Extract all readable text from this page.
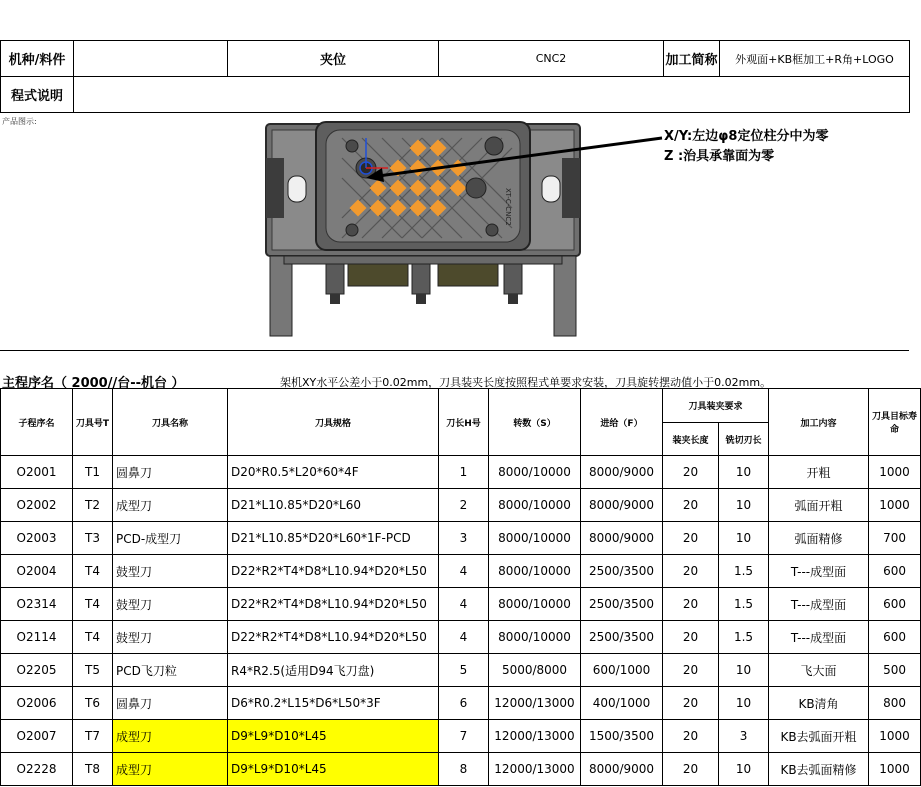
机种/料件		夹位	CNC2	加工简称	外观面+KB框加工+R角+LOGO
程式说明					
产品图示:
XT-C-CNC2
X/Y:左边φ8定位柱分中为零
Z :治具承靠面为零
主程序名（ 2000//台--机台 ）	架机XY水平公差小于0.02mm，刀具装夹长度按照程式单要求安装，刀具旋转摆动值小于0.02mm。
子程序名	刀具号T	刀具名称	刀具规格	刀长H号	转数（S）	进给（F）	刀具装夹要求		加工内容	刀具目标寿命
							装夹长度	铣切刃长		
O2001	T1	圆鼻刀	D20*R0.5*L20*60*4F	1	8000/10000	8000/9000	20	10	开粗	1000
O2002	T2	成型刀	D21*L10.85*D20*L60	2	8000/10000	8000/9000	20	10	弧面开粗	1000
O2003	T3	PCD-成型刀	D21*L10.85*D20*L60*1F-PCD	3	8000/10000	8000/9000	20	10	弧面精修	700
O2004	T4	鼓型刀	D22*R2*T4*D8*L10.94*D20*L50	4	8000/10000	2500/3500	20	1.5	T---成型面	600
O2314	T4	鼓型刀	D22*R2*T4*D8*L10.94*D20*L50	4	8000/10000	2500/3500	20	1.5	T---成型面	600
O2114	T4	鼓型刀	D22*R2*T4*D8*L10.94*D20*L50	4	8000/10000	2500/3500	20	1.5	T---成型面	600
O2205	T5	PCD飞刀粒	R4*R2.5(适用D94飞刀盘)	5	5000/8000	600/1000	20	10	飞大面	500
O2006	T6	圆鼻刀	D6*R0.2*L15*D6*L50*3F	6	12000/13000	400/1000	20	10	KB清角	800
O2007	T7	成型刀	D9*L9*D10*L45	7	12000/13000	1500/3500	20	3	KB去弧面开粗	1000
O2228	T8	成型刀	D9*L9*D10*L45	8	12000/13000	8000/9000	20	10	KB去弧面精修	1000
